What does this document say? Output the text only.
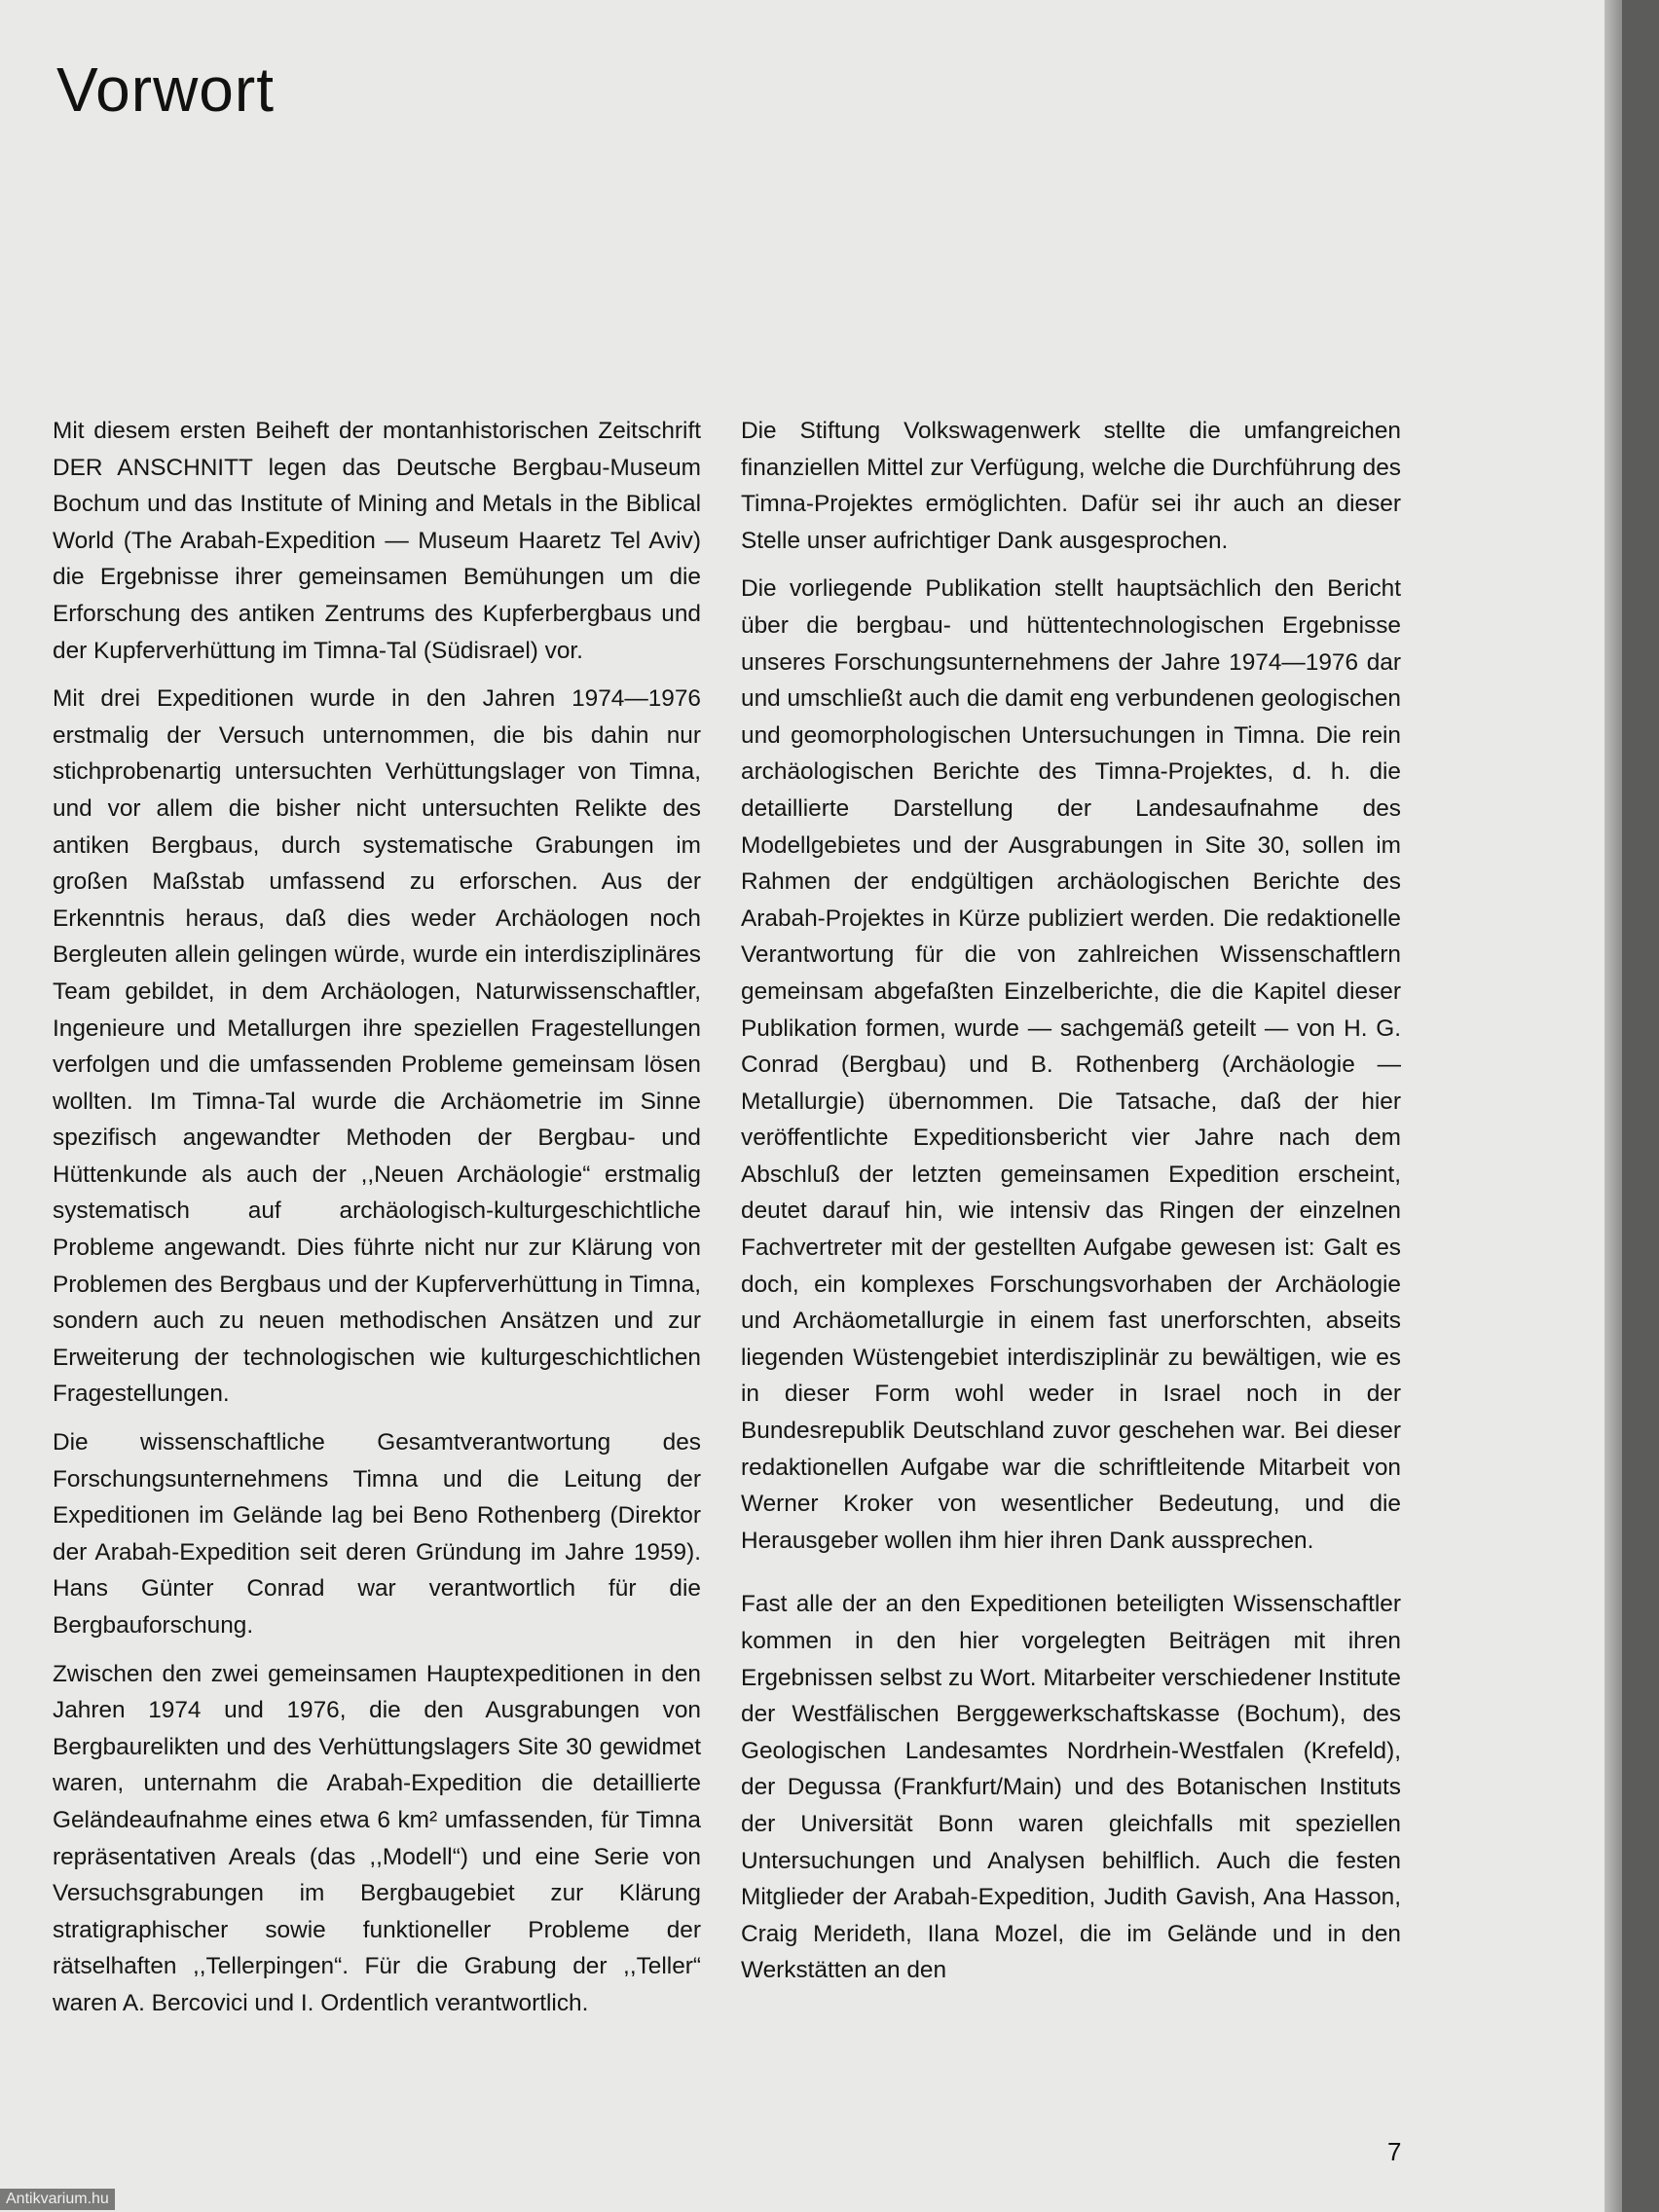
Vorwort

Mit diesem ersten Beiheft der montanhistorischen Zeitschrift DER ANSCHNITT legen das Deutsche Bergbau-Museum Bochum und das Institute of Mining and Metals in the Biblical World (The Arabah-Expedition — Museum Haaretz Tel Aviv) die Ergebnisse ihrer gemeinsamen Bemühungen um die Erforschung des antiken Zentrums des Kupferbergbaus und der Kupferverhüttung im Timna-Tal (Südisrael) vor.

Mit drei Expeditionen wurde in den Jahren 1974—1976 erstmalig der Versuch unternommen, die bis dahin nur stichprobenartig untersuchten Verhüttungslager von Timna, und vor allem die bisher nicht untersuchten Relikte des antiken Bergbaus, durch systematische Grabungen im großen Maßstab umfassend zu erforschen. Aus der Erkenntnis heraus, daß dies weder Archäologen noch Bergleuten allein gelingen würde, wurde ein interdisziplinäres Team gebildet, in dem Archäologen, Naturwissenschaftler, Ingenieure und Metallurgen ihre speziellen Fragestellungen verfolgen und die umfassenden Probleme gemeinsam lösen wollten. Im Timna-Tal wurde die Archäometrie im Sinne spezifisch angewandter Methoden der Bergbau- und Hüttenkunde als auch der ,,Neuen Archäologie“ erstmalig systematisch auf archäologisch-kulturgeschichtliche Probleme angewandt. Dies führte nicht nur zur Klärung von Problemen des Bergbaus und der Kupferverhüttung in Timna, sondern auch zu neuen methodischen Ansätzen und zur Erweiterung der technologischen wie kulturgeschichtlichen Fragestellungen.

Die wissenschaftliche Gesamtverantwortung des Forschungsunternehmens Timna und die Leitung der Expeditionen im Gelände lag bei Beno Rothenberg (Direktor der Arabah-Expedition seit deren Gründung im Jahre 1959). Hans Günter Conrad war verantwortlich für die Bergbauforschung.

Zwischen den zwei gemeinsamen Hauptexpeditionen in den Jahren 1974 und 1976, die den Ausgrabungen von Bergbaurelikten und des Verhüttungslagers Site 30 gewidmet waren, unternahm die Arabah-Expedition die detaillierte Geländeaufnahme eines etwa 6 km² umfassenden, für Timna repräsentativen Areals (das ,,Modell“) und eine Serie von Versuchsgrabungen im Bergbaugebiet zur Klärung stratigraphischer sowie funktioneller Probleme der rätselhaften ,,Tellerpingen“. Für die Grabung der ,,Teller“ waren A. Bercovici und I. Ordentlich verantwortlich.

Die Stiftung Volkswagenwerk stellte die umfangreichen finanziellen Mittel zur Verfügung, welche die Durchführung des Timna-Projektes ermöglichten. Dafür sei ihr auch an dieser Stelle unser aufrichtiger Dank ausgesprochen.

Die vorliegende Publikation stellt hauptsächlich den Bericht über die bergbau- und hüttentechnologischen Ergebnisse unseres Forschungsunternehmens der Jahre 1974—1976 dar und umschließt auch die damit eng verbundenen geologischen und geomorphologischen Untersuchungen in Timna. Die rein archäologischen Berichte des Timna-Projektes, d. h. die detaillierte Darstellung der Landesaufnahme des Modellgebietes und der Ausgrabungen in Site 30, sollen im Rahmen der endgültigen archäologischen Berichte des Arabah-Projektes in Kürze publiziert werden. Die redaktionelle Verantwortung für die von zahlreichen Wissenschaftlern gemeinsam abgefaßten Einzelberichte, die die Kapitel dieser Publikation formen, wurde — sachgemäß geteilt — von H. G. Conrad (Bergbau) und B. Rothenberg (Archäologie — Metallurgie) übernommen. Die Tatsache, daß der hier veröffentlichte Expeditionsbericht vier Jahre nach dem Abschluß der letzten gemeinsamen Expedition erscheint, deutet darauf hin, wie intensiv das Ringen der einzelnen Fachvertreter mit der gestellten Aufgabe gewesen ist: Galt es doch, ein komplexes Forschungsvorhaben der Archäologie und Archäometallurgie in einem fast unerforschten, abseits liegenden Wüstengebiet interdisziplinär zu bewältigen, wie es in dieser Form wohl weder in Israel noch in der Bundesrepublik Deutschland zuvor geschehen war. Bei dieser redaktionellen Aufgabe war die schriftleitende Mitarbeit von Werner Kroker von wesentlicher Bedeutung, und die Herausgeber wollen ihm hier ihren Dank aussprechen.

Fast alle der an den Expeditionen beteiligten Wissenschaftler kommen in den hier vorgelegten Beiträgen mit ihren Ergebnissen selbst zu Wort. Mitarbeiter verschiedener Institute der Westfälischen Berggewerkschaftskasse (Bochum), des Geologischen Landesamtes Nordrhein-Westfalen (Krefeld), der Degussa (Frankfurt/Main) und des Botanischen Instituts der Universität Bonn waren gleichfalls mit speziellen Untersuchungen und Analysen behilflich. Auch die festen Mitglieder der Arabah-Expedition, Judith Gavish, Ana Hasson, Craig Merideth, Ilana Mozel, die im Gelände und in den Werkstätten an den

7
Antikvarium.hu
